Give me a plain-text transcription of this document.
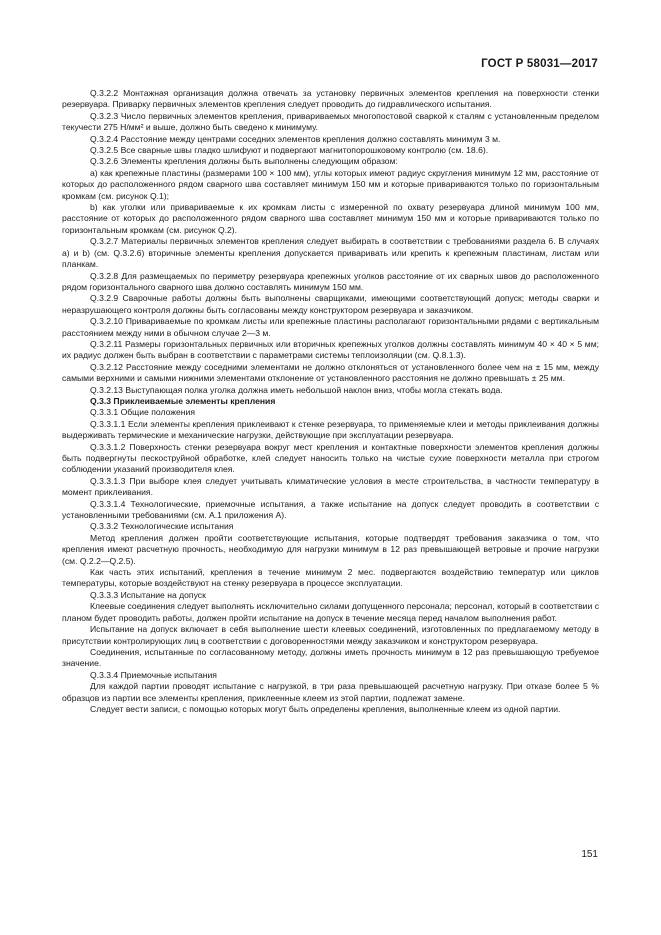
ГОСТ Р 58031—2017

Q.3.2.2 Монтажная организация должна отвечать за установку первичных элементов крепления на поверхности стенки резервуара. Приварку первичных элементов крепления следует проводить до гидравлического испытания.

Q.3.2.3 Число первичных элементов крепления, привариваемых многопостовой сваркой к сталям с установленным пределом текучести 275 Н/мм² и выше, должно быть сведено к минимуму.

Q.3.2.4 Расстояние между центрами соседних элементов крепления должно составлять минимум 3 м.

Q.3.2.5 Все сварные швы гладко шлифуют и подвергают магнитопорошковому контролю (см. 18.6).

Q.3.2.6 Элементы крепления должны быть выполнены следующим образом:

а) как крепежные пластины (размерами 100 × 100 мм), углы которых имеют радиус скругления минимум 12 мм, расстояние от которых до расположенного рядом сварного шва составляет минимум 150 мм и которые привариваются только по горизонтальным кромкам (см. рисунок Q.1);

b) как уголки или привариваемые к их кромкам листы с измеренной по охвату резервуара длиной минимум 100 мм, расстояние от которых до расположенного рядом сварного шва составляет минимум 150 мм и которые привариваются только по горизонтальным кромкам (см. рисунок Q.2).

Q.3.2.7 Материалы первичных элементов крепления следует выбирать в соответствии с требованиями раздела 6. В случаях а) и b) (см. Q.3.2.6) вторичные элементы крепления допускается приваривать или крепить к крепежным пластинам, листам или планкам.

Q.3.2.8 Для размещаемых по периметру резервуара крепежных уголков расстояние от их сварных швов до расположенного рядом горизонтального сварного шва должно составлять минимум 150 мм.

Q.3.2.9 Сварочные работы должны быть выполнены сварщиками, имеющими соответствующий допуск; методы сварки и неразрушающего контроля должны быть согласованы между конструктором резервуара и заказчиком.

Q.3.2.10 Привариваемые по кромкам листы или крепежные пластины располагают горизонтальными рядами с вертикальным расстоянием между ними в обычном случае 2—3 м.

Q.3.2.11 Размеры горизонтальных первичных или вторичных крепежных уголков должны составлять минимум 40 × 40 × 5 мм; их радиус должен быть выбран в соответствии с параметрами системы теплоизоляции (см. Q.8.1.3).

Q.3.2.12 Расстояние между соседними элементами не должно отклоняться от установленного более чем на ± 15 мм, между самыми верхними и самыми нижними элементами отклонение от установленного расстояния не должно превышать ± 25 мм.

Q.3.2.13 Выступающая полка уголка должна иметь небольшой наклон вниз, чтобы могла стекать вода.

Q.3.3 Приклеиваемые элементы крепления

Q.3.3.1 Общие положения

Q.3.3.1.1 Если элементы крепления приклеивают к стенке резервуара, то применяемые клеи и методы приклеивания должны выдерживать термические и механические нагрузки, действующие при эксплуатации резервуара.

Q.3.3.1.2 Поверхность стенки резервуара вокруг мест крепления и контактные поверхности элементов крепления должны быть подвергнуты пескоструйной обработке, клей следует наносить только на чистые сухие поверхности металла при строгом соблюдении указаний производителя клея.

Q.3.3.1.3 При выборе клея следует учитывать климатические условия в месте строительства, в частности температуру в момент приклеивания.

Q.3.3.1.4 Технологические, приемочные испытания, а также испытание на допуск следует проводить в соответствии с установленными требованиями (см. А.1 приложения А).

Q.3.3.2 Технологические испытания

Метод крепления должен пройти соответствующие испытания, которые подтвердят требования заказчика о том, что крепления имеют расчетную прочность, необходимую для нагрузки минимум в 12 раз превышающей ветровые и прочие нагрузки (см. Q.2.2—Q.2.5).

Как часть этих испытаний, крепления в течение минимум 2 мес. подвергаются воздействию температур или циклов температуры, которые воздействуют на стенку резервуара в процессе эксплуатации.

Q.3.3.3 Испытание на допуск

Клеевые соединения следует выполнять исключительно силами допущенного персонала; персонал, который в соответствии с планом будет проводить работы, должен пройти испытание на допуск в течение месяца перед началом выполнения работ.

Испытание на допуск включает в себя выполнение шести клеевых соединений, изготовленных по предлагаемому методу в присутствии контролирующих лиц в соответствии с договоренностями между заказчиком и конструктором резервуара.

Соединения, испытанные по согласованному методу, должны иметь прочность минимум в 12 раз превышающую требуемое значение.

Q.3.3.4 Приемочные испытания

Для каждой партии проводят испытание с нагрузкой, в три раза превышающей расчетную нагрузку. При отказе более 5 % образцов из партии все элементы крепления, приклеенные клеем из этой партии, подлежат замене.

Следует вести записи, с помощью которых могут быть определены крепления, выполненные клеем из одной партии.

151
